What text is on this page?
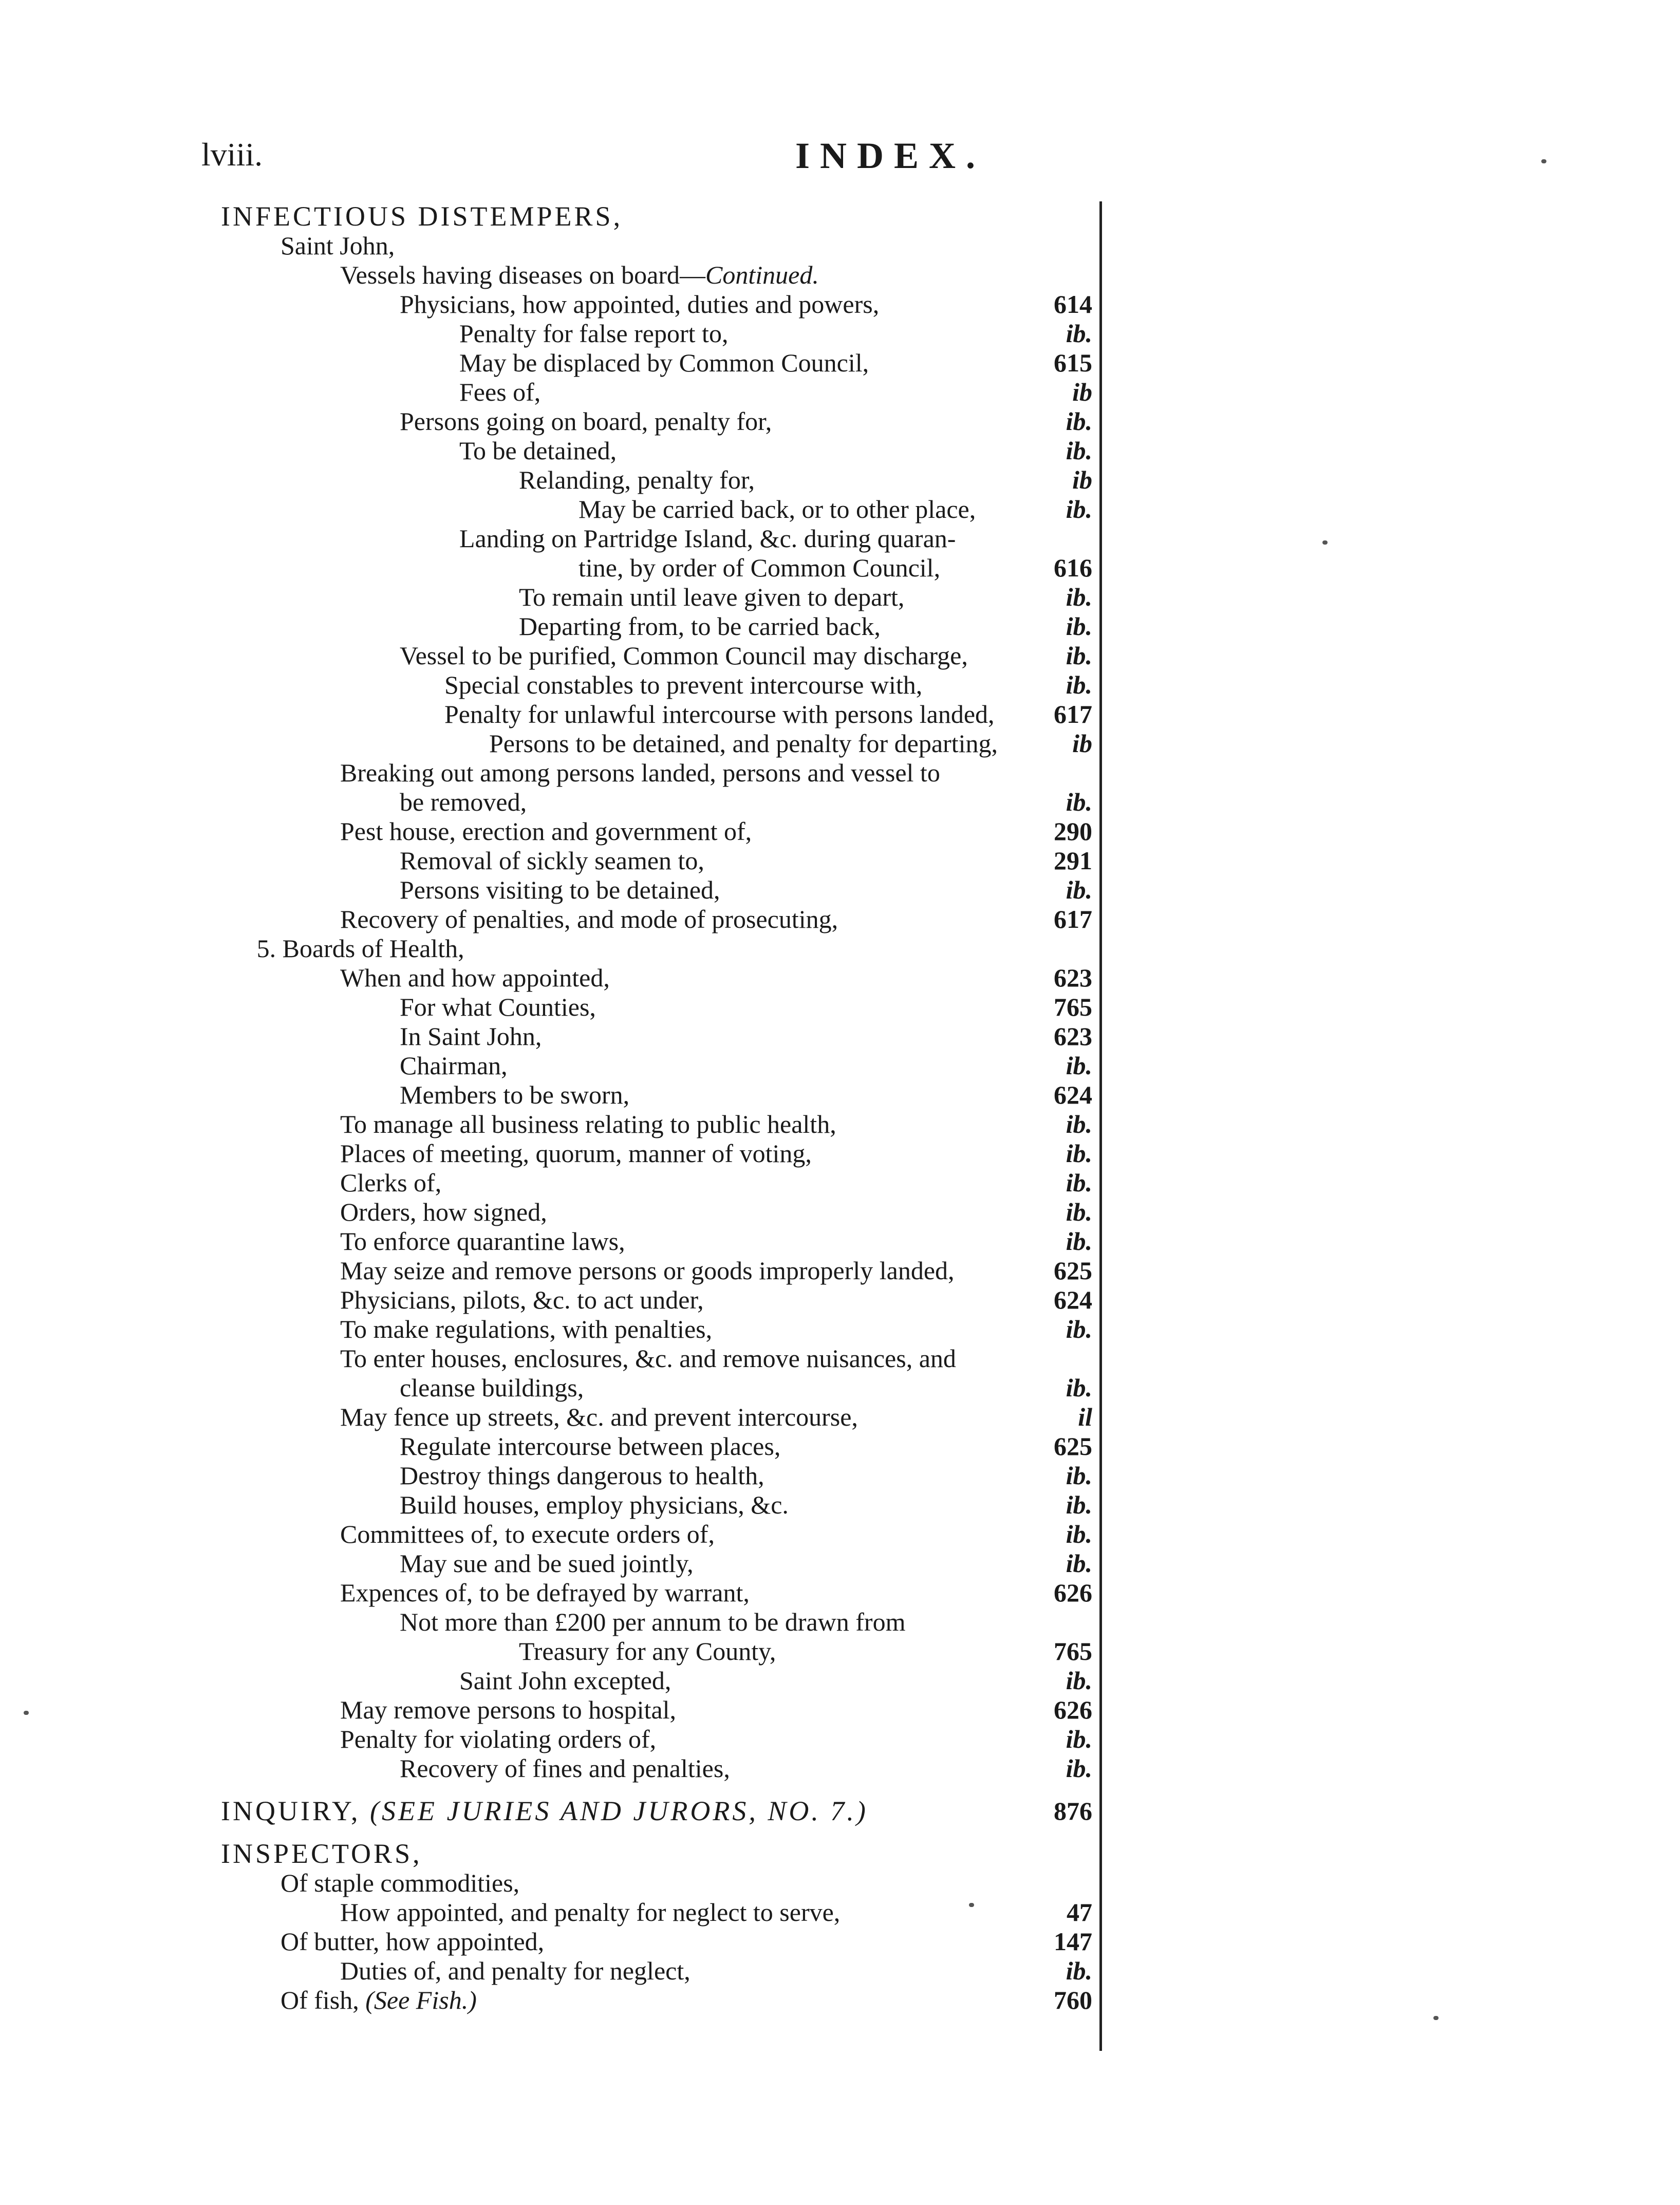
lviii.	INDEX.
INFECTIOUS DISTEMPERS,
Saint John,
Vessels having diseases on board—Continued.
Physicians, how appointed, duties and powers,	614
Penalty for false report to,	ib.
May be displaced by Common Council,	615
Fees of,	ib
Persons going on board, penalty for,	ib.
To be detained,	ib.
Relanding, penalty for,	ib
May be carried back, or to other place,	ib.
Landing on Partridge Island, &c. during quaran-
tine, by order of Common Council,	616
To remain until leave given to depart,	ib.
Departing from, to be carried back,	ib.
Vessel to be purified, Common Council may discharge,	ib.
Special constables to prevent intercourse with,	ib.
Penalty for unlawful intercourse with persons landed, 617
Persons to be detained, and penalty for departing,	ib
Breaking out among persons landed, persons and vessel to
be removed,	ib.
Pest house, erection and government of,	290
Removal of sickly seamen to,	291
Persons visiting to be detained,	ib.
Recovery of penalties, and mode of prosecuting,	617
5. Boards of Health,
When and how appointed,	623
For what Counties,	765
In Saint John,	623
Chairman,	ib.
Members to be sworn,	624
To manage all business relating to public health,	ib.
Places of meeting, quorum, manner of voting,	ib.
Clerks of,	ib.
Orders, how signed,	ib.
To enforce quarantine laws,	ib.
May seize and remove persons or goods improperly landed,	625
Physicians, pilots, &c. to act under,	624
To make regulations, with penalties,	ib.
To enter houses, enclosures, &c. and remove nuisances, and
cleanse buildings,	ib.
May fence up streets, &c. and prevent intercourse,	il
Regulate intercourse between places,	625
Destroy things dangerous to health,	ib.
Build houses, employ physicians, &c.	ib.
Committees of, to execute orders of,	ib.
May sue and be sued jointly,	ib.
Expences of, to be defrayed by warrant,	626
Not more than £200 per annum to be drawn from
Treasury for any County,	765
Saint John excepted,	ib.
May remove persons to hospital,	626
Penalty for violating orders of,	ib.
Recovery of fines and penalties,	ib.
INQUIRY, (SEE JURIES AND JURORS, NO. 7.)	876
INSPECTORS,
Of staple commodities,
How appointed, and penalty for neglect to serve,	47
Of butter, how appointed,	147
Duties of, and penalty for neglect,	ib.
Of fish, (See Fish.)	760
